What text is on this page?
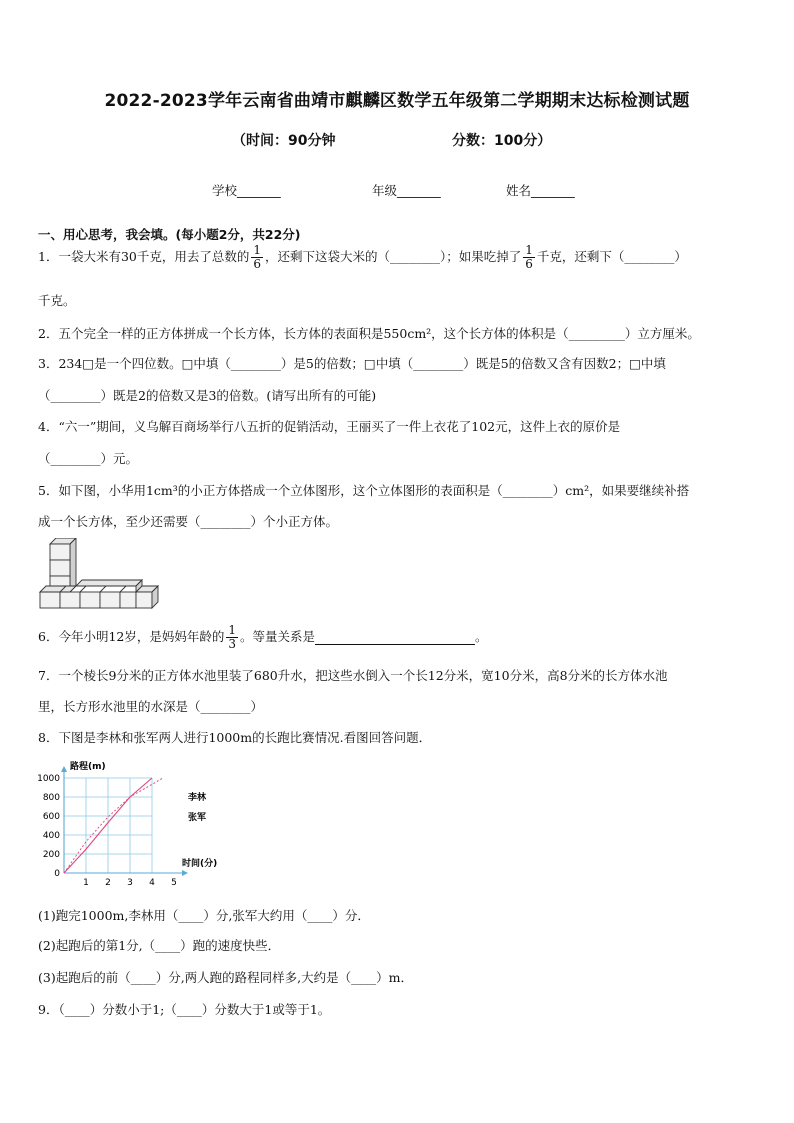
2022-2023学年云南省曲靖市麒麟区数学五年级第二学期期末达标检测试题
（时间：90分钟	分数：100分）
学校_______	年级_______	姓名_______
一、用心思考，我会填。(每小题2分，共22分)
1．一袋大米有30千克，用去了总数的 $\frac{1}{6}$ ，还剩下这袋大米的（________）；如果吃掉了 $\frac{1}{6}$ 千克，还剩下（________）
千克。
2．五个完全一样的正方体拼成一个长方体，长方体的表面积是550cm²，这个长方体的体积是（_________）立方厘米。
3．234□是一个四位数。□中填（________）是5的倍数；□中填（________）既是5的倍数又含有因数2；□中填
（________）既是2的倍数又是3的倍数。(请写出所有的可能)
4．“六一”期间，义乌解百商场举行八五折的促销活动，王丽买了一件上衣花了102元，这件上衣的原价是
（________）元。
5．如下图，小华用1cm³的小正方体搭成一个立体图形，这个立体图形的表面积是（________）cm²，如果要继续补搭
成一个长方体，至少还需要（________）个小正方体。
6．今年小明12岁，是妈妈年龄的 $\frac{1}{3}$ 。等量关系是	。
7．一个棱长9分米的正方体水池里装了680升水，把这些水倒入一个长12分米，宽10分米，高8分米的长方体水池
里，长方形水池里的水深是（________）
8．下图是李林和张军两人进行1000m的长跑比赛情况.看图回答问题．
1 2 3 4 5
0
200
400
600
800
1000
路程(m)
时间(分)
李林
张军
(1)跑完1000m,李林用（____）分,张军大约用（____）分．
(2)起跑后的第1分,（____）跑的速度快些．
(3)起跑后的前（____）分,两人跑的路程同样多,大约是（____）m．
9．（____）分数小于1;（____）分数大于1或等于1。
